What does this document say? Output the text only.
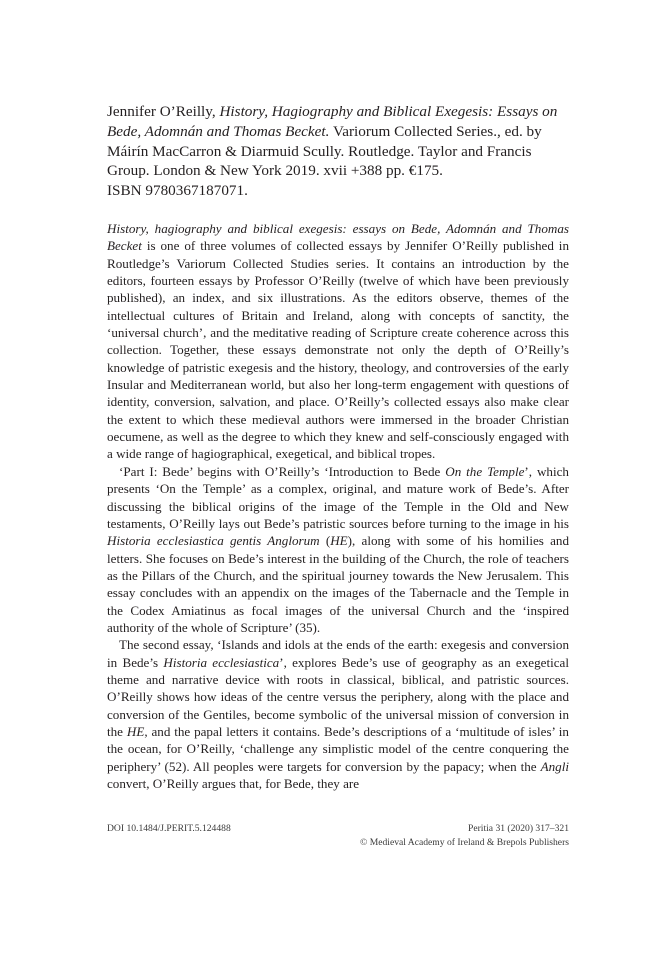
Jennifer O’Reilly, History, Hagiography and Biblical Exegesis: Essays on Bede, Adomnán and Thomas Becket. Variorum Collected Series., ed. by Máirín MacCarron & Diarmuid Scully. Routledge. Taylor and Francis Group. London & New York 2019. xvii +388 pp. €175.

ISBN 9780367187071.

History, hagiography and biblical exegesis: essays on Bede, Adomnán and Thomas Becket is one of three volumes of collected essays by Jennifer O’Reilly published in Routledge’s Variorum Collected Studies series. It contains an introduction by the editors, fourteen essays by Professor O’Reilly (twelve of which have been previously published), an index, and six illustrations. As the editors observe, themes of the intellectual cultures of Britain and Ireland, along with concepts of sanctity, the ‘universal church’, and the meditative reading of Scripture create coherence across this collection. Together, these essays demonstrate not only the depth of O’Reilly’s knowledge of patristic exegesis and the history, theology, and controversies of the early Insular and Mediterranean world, but also her long-term engagement with questions of identity, conversion, salvation, and place. O’Reilly’s collected essays also make clear the extent to which these medieval authors were immersed in the broader Christian oecumene, as well as the degree to which they knew and self-consciously engaged with a wide range of hagiographical, exegetical, and biblical tropes.

‘Part I: Bede’ begins with O’Reilly’s ‘Introduction to Bede On the Temple’, which presents ‘On the Temple’ as a complex, original, and mature work of Bede’s. After discussing the biblical origins of the image of the Temple in the Old and New testaments, O’Reilly lays out Bede’s patristic sources before turning to the image in his Historia ecclesiastica gentis Anglorum (HE), along with some of his homilies and letters. She focuses on Bede’s interest in the building of the Church, the role of teachers as the Pillars of the Church, and the spiritual journey towards the New Jerusalem. This essay concludes with an appendix on the images of the Tabernacle and the Temple in the Codex Amiatinus as focal images of the universal Church and the ‘inspired authority of the whole of Scripture’ (35).

The second essay, ‘Islands and idols at the ends of the earth: exegesis and conversion in Bede’s Historia ecclesiastica’, explores Bede’s use of geography as an exegetical theme and narrative device with roots in classical, biblical, and patristic sources. O’Reilly shows how ideas of the centre versus the periphery, along with the place and conversion of the Gentiles, become symbolic of the universal mission of conversion in the HE, and the papal letters it contains. Bede’s descriptions of a ‘multitude of isles’ in the ocean, for O’Reilly, ‘challenge any simplistic model of the centre conquering the periphery’ (52). All peoples were targets for conversion by the papacy; when the Angli convert, O’Reilly argues that, for Bede, they are

DOI 10.1484/J.PERIT.5.124488	Peritia 31 (2020) 317–321
© Medieval Academy of Ireland & Brepols Publishers
